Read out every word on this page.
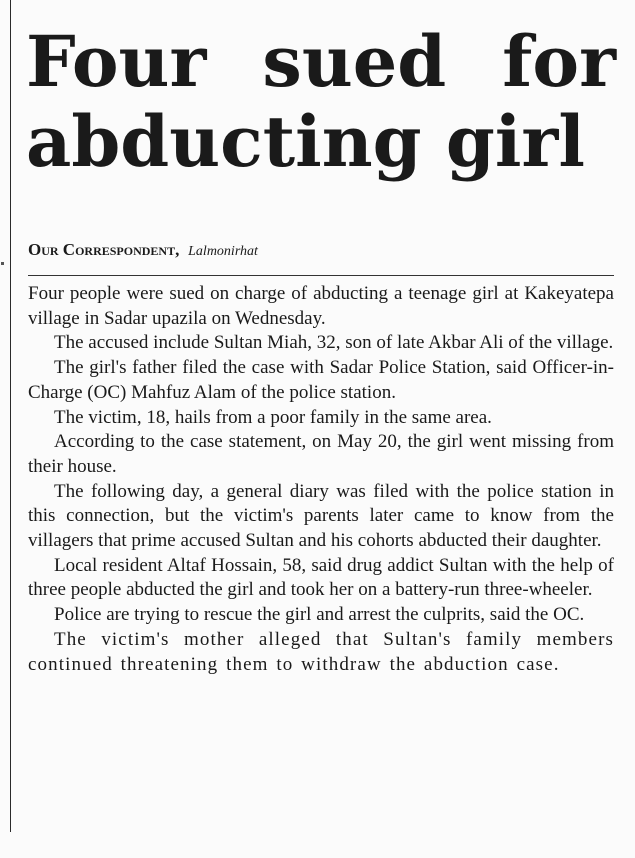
Four sued for
abducting girl
Our Correspondent, Lalmonirhat

Four people were sued on charge of abducting a teenage girl at Kakeyatepa village in Sadar upazila on Wednesday.

The accused include Sultan Miah, 32, son of late Akbar Ali of the village.

The girl's father filed the case with Sadar Police Station, said Officer-in-Charge (OC) Mahfuz Alam of the police station.

The victim, 18, hails from a poor family in the same area.

According to the case statement, on May 20, the girl went missing from their house.

The following day, a general diary was filed with the police station in this connection, but the victim's parents later came to know from the villagers that prime accused Sultan and his cohorts abducted their daughter.

Local resident Altaf Hossain, 58, said drug addict Sultan with the help of three people abducted the girl and took her on a battery-run three-wheeler.

Police are trying to rescue the girl and arrest the culprits, said the OC.

The victim's mother alleged that Sultan's family members continued threatening them to withdraw the abduction case.
